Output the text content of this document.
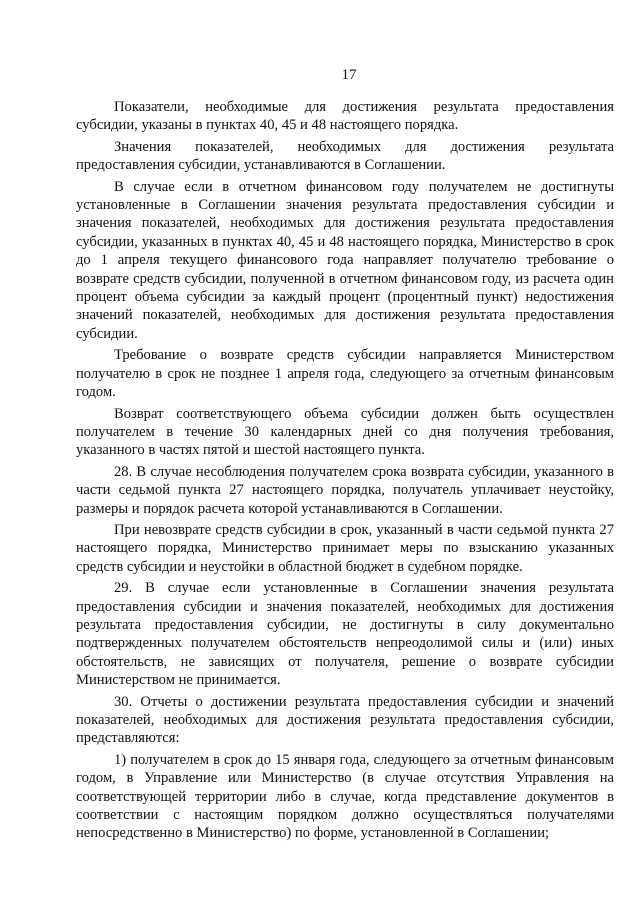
17

Показатели, необходимые для достижения результата предоставления субсидии, указаны в пунктах 40, 45 и 48 настоящего порядка.

Значения показателей, необходимых для достижения результата предоставления субсидии, устанавливаются в Соглашении.

В случае если в отчетном финансовом году получателем не достигнуты установленные в Соглашении значения результата предоставления субсидии и значения показателей, необходимых для достижения результата предоставления субсидии, указанных в пунктах 40, 45 и 48 настоящего порядка, Министерство в срок до 1 апреля текущего финансового года направляет получателю требование о возврате средств субсидии, полученной в отчетном финансовом году, из расчета один процент объема субсидии за каждый процент (процентный пункт) недостижения значений показателей, необходимых для достижения результата предоставления субсидии.

Требование о возврате средств субсидии направляется Министерством получателю в срок не позднее 1 апреля года, следующего за отчетным финансовым годом.

Возврат соответствующего объема субсидии должен быть осуществлен получателем в течение 30 календарных дней со дня получения требования, указанного в частях пятой и шестой настоящего пункта.

28. В случае несоблюдения получателем срока возврата субсидии, указанного в части седьмой пункта 27 настоящего порядка, получатель уплачивает неустойку, размеры и порядок расчета которой устанавливаются в Соглашении.

При невозврате средств субсидии в срок, указанный в части седьмой пункта 27 настоящего порядка, Министерство принимает меры по взысканию указанных средств субсидии и неустойки в областной бюджет в судебном порядке.

29. В случае если установленные в Соглашении значения результата предоставления субсидии и значения показателей, необходимых для достижения результата предоставления субсидии, не достигнуты в силу документально подтвержденных получателем обстоятельств непреодолимой силы и (или) иных обстоятельств, не зависящих от получателя, решение о возврате субсидии Министерством не принимается.

30. Отчеты о достижении результата предоставления субсидии и значений показателей, необходимых для достижения результата предоставления субсидии, представляются:

1) получателем в срок до 15 января года, следующего за отчетным финансовым годом, в Управление или Министерство (в случае отсутствия Управления на соответствующей территории либо в случае, когда представление документов в соответствии с настоящим порядком должно осуществляться получателями непосредственно в Министерство) по форме, установленной в Соглашении;
